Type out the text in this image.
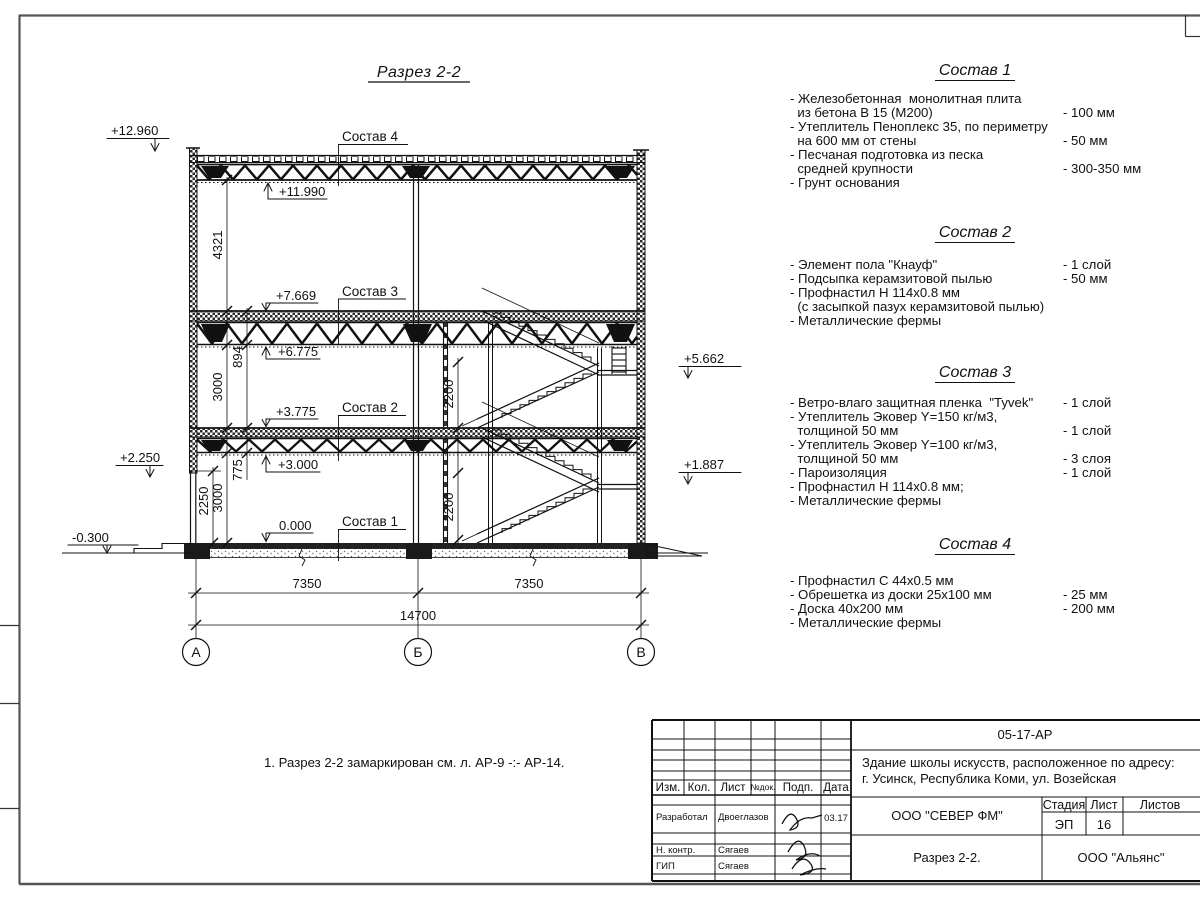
4321
894
3000
775
2250 3000
2200
2200
7350	7350
14700
А	Б	В
+12.960
+11.990
+7.669
+6.775
+3.775
+3.000
+2.250
0.000
-0.300
+5.662
+1.887
Состав 4
Состав 3
Состав 2
Состав 1
Разрез 2-2
05-17-АР
Здание школы искусств, расположенное по адресу:
г. Усинск, Республика Коми, ул. Возейская
ООО "СЕВЕР ФМ"
Стадия Лист Листов
ЭП 16
Разрез 2-2.	ООО "Альянс"
Изм. Кол. Лист №док. Подп. Дата
Разработал Двоеглазов	03.17
Н. контр. Сягаев
ГИП	Сягаев
Состав 1
- Железобетонная  монолитная плита
из бетона В 15 (М200)	- 100 мм
- Утеплитель Пеноплекс 35, по периметру
на 600 мм от стены	- 50 мм
- Песчаная подготовка из песка
средней крупности	- 300-350 мм
- Грунт основания
Состав 2
- Элемент пола "Кнауф"	- 1 слой
- Подсыпка керамзитовой пылью	- 50 мм
- Профнастил Н 114х0.8 мм
(с засыпкой пазух керамзитовой пылью)
- Металлические фермы
Состав 3
- Ветро-влаго защитная пленка  "Tyvek" - 1 слой
- Утеплитель Эковер Y=150 кг/м3,
толщиной 50 мм	- 1 слой
- Утеплитель Эковер Y=100 кг/м3,
толщиной 50 мм	- 3 слоя
- Пароизоляция	- 1 слой
- Профнастил Н 114х0.8 мм;
- Металлические фермы
Состав 4
- Профнастил С 44х0.5 мм
- Обрешетка из доски 25х100 мм	- 25 мм
- Доска 40х200 мм	- 200 мм
- Металлические фермы
1. Разрез 2-2 замаркирован см. л. АР-9 -:- АР-14.
